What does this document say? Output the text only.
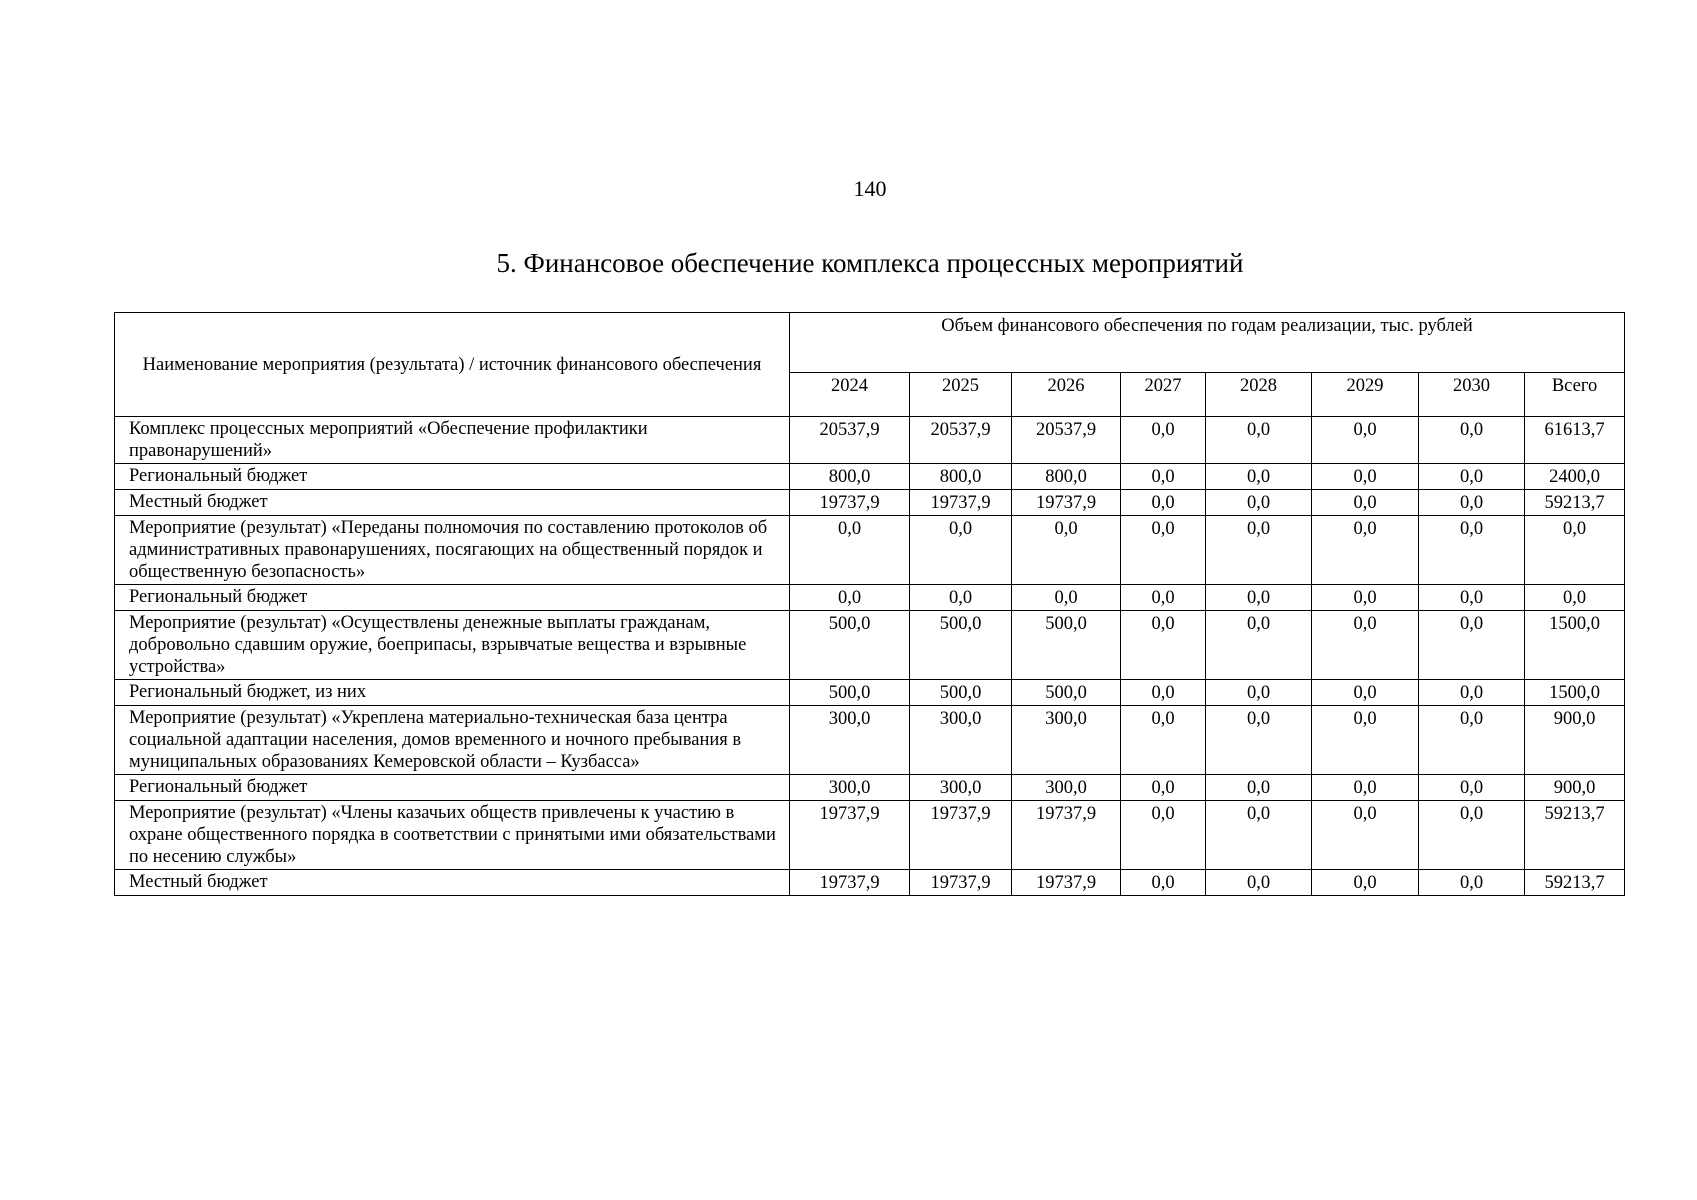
140
5. Финансовое обеспечение комплекса процессных мероприятий
Наименование мероприятия (результата) / источник финансового обеспечения	Объем финансового обеспечения по годам реализации, тыс. рублей							
	2024	2025	2026	2027	2028	2029	2030	Всего
Комплекс процессных мероприятий «Обеспечение профилактики правонарушений»	20537,9	20537,9	20537,9	0,0	0,0	0,0	0,0	61613,7
Региональный бюджет	800,0	800,0	800,0	0,0	0,0	0,0	0,0	2400,0
Местный бюджет	19737,9	19737,9	19737,9	0,0	0,0	0,0	0,0	59213,7
Мероприятие (результат) «Переданы полномочия по составлению протоколов об административных правонарушениях, посягающих на общественный порядок и общественную безопасность»	0,0	0,0	0,0	0,0	0,0	0,0	0,0	0,0
Региональный бюджет	0,0	0,0	0,0	0,0	0,0	0,0	0,0	0,0
Мероприятие (результат) «Осуществлены денежные выплаты гражданам, добровольно сдавшим оружие, боеприпасы, взрывчатые вещества и взрывные устройства»	500,0	500,0	500,0	0,0	0,0	0,0	0,0	1500,0
Региональный бюджет, из них	500,0	500,0	500,0	0,0	0,0	0,0	0,0	1500,0
Мероприятие (результат) «Укреплена материально-техническая база центра социальной адаптации населения, домов временного и ночного пребывания в муниципальных образованиях Кемеровской области – Кузбасса»	300,0	300,0	300,0	0,0	0,0	0,0	0,0	900,0
Региональный бюджет	300,0	300,0	300,0	0,0	0,0	0,0	0,0	900,0
Мероприятие (результат) «Члены казачьих обществ привлечены к участию в охране общественного порядка в соответствии с принятыми ими обязательствами по несению службы»	19737,9	19737,9	19737,9	0,0	0,0	0,0	0,0	59213,7
Местный бюджет	19737,9	19737,9	19737,9	0,0	0,0	0,0	0,0	59213,7
